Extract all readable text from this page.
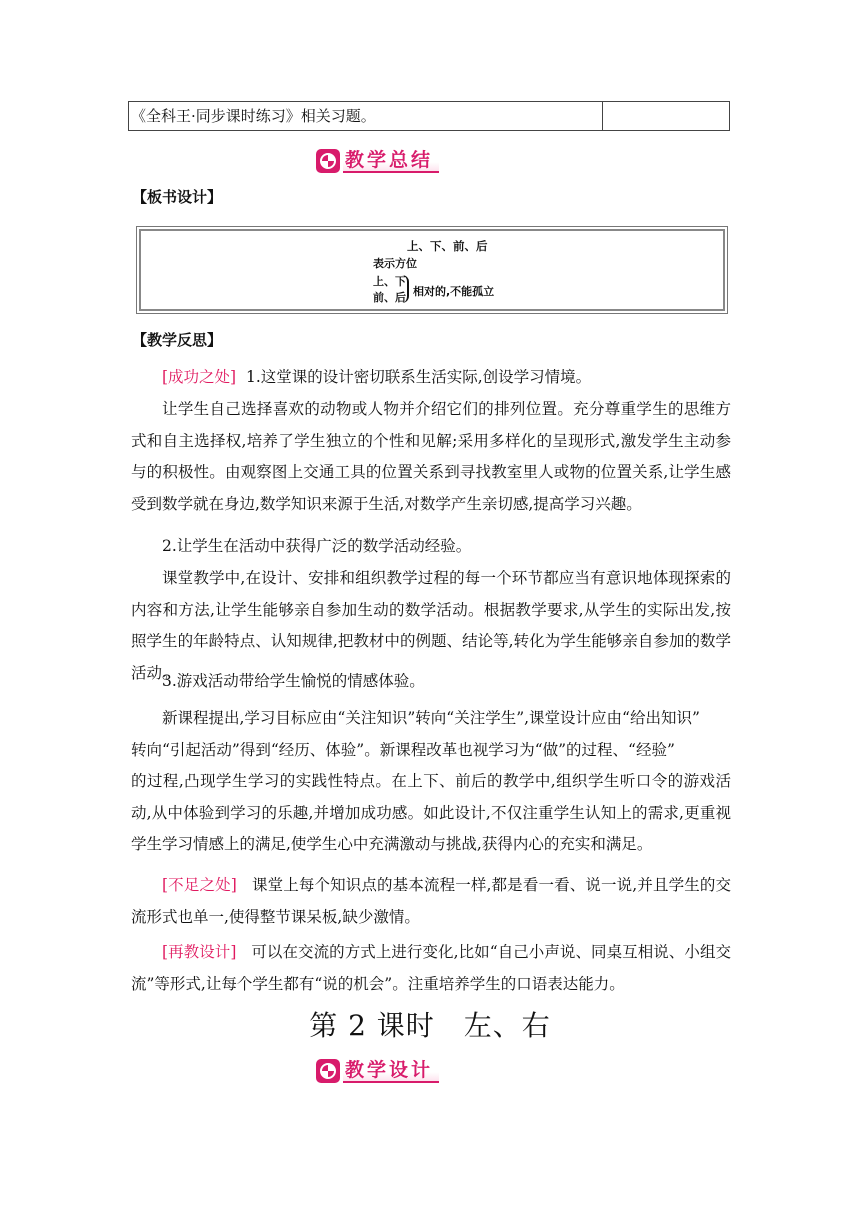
《全科王·同步课时练习》相关习题。
教学总结
【板书设计】
上、下、前、后
表示方位
上、下
前、后 相对的,不能孤立
【教学反思】
[成功之处] 1.这堂课的设计密切联系生活实际,创设学习情境。
让学生自己选择喜欢的动物或人物并介绍它们的排列位置。充分尊重学生的思维方式和自主选择权,培养了学生独立的个性和见解;采用多样化的呈现形式,激发学生主动参与的积极性。由观察图上交通工具的位置关系到寻找教室里人或物的位置关系,让学生感受到数学就在身边,数学知识来源于生活,对数学产生亲切感,提高学习兴趣。
2.让学生在活动中获得广泛的数学活动经验。
课堂教学中,在设计、安排和组织教学过程的每一个环节都应当有意识地体现探索的内容和方法,让学生能够亲自参加生动的数学活动。根据教学要求,从学生的实际出发,按照学生的年龄特点、认知规律,把教材中的例题、结论等,转化为学生能够亲自参加的数学活动。
3.游戏活动带给学生愉悦的情感体验。
新课程提出,学习目标应由“关注知识”转向“关注学生”,课堂设计应由“给出知识”
转向“引起活动”得到“经历、体验”。新课程改革也视学习为“做”的过程、“经验”
的过程,凸现学生学习的实践性特点。在上下、前后的教学中,组织学生听口令的游戏活动,从中体验到学习的乐趣,并增加成功感。如此设计,不仅注重学生认知上的需求,更重视学生学习情感上的满足,使学生心中充满激动与挑战,获得内心的充实和满足。
[不足之处] 课堂上每个知识点的基本流程一样,都是看一看、说一说,并且学生的交流形式也单一,使得整节课呆板,缺少激情。
[再教设计] 可以在交流的方式上进行变化,比如“自己小声说、同桌互相说、小组交流”等形式,让每个学生都有“说的机会”。注重培养学生的口语表达能力。
第 2 课时　左、右
教学设计
